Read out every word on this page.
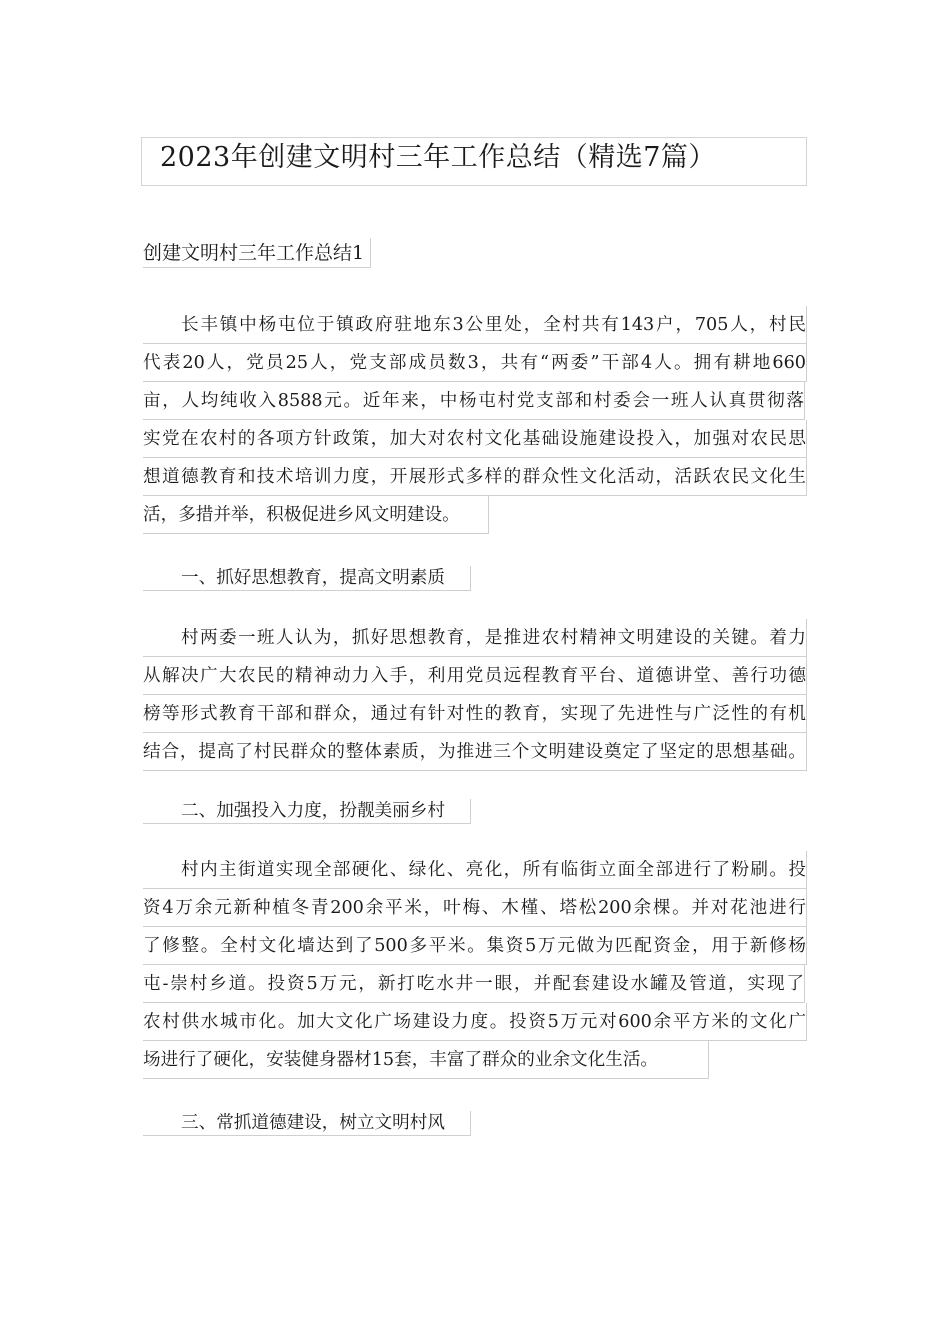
2023年创建文明村三年工作总结（精选7篇）
创建文明村三年工作总结1
长丰镇中杨屯位于镇政府驻地东3公里处，全村共有143户，705人，村民
代表20人，党员25人，党支部成员数3，共有“两委”干部4人。拥有耕地660
亩，人均纯收入8588元。近年来，中杨屯村党支部和村委会一班人认真贯彻落
实党在农村的各项方针政策，加大对农村文化基础设施建设投入，加强对农民思
想道德教育和技术培训力度，开展形式多样的群众性文化活动，活跃农民文化生
活，多措并举，积极促进乡风文明建设。
一、抓好思想教育，提高文明素质
村两委一班人认为，抓好思想教育，是推进农村精神文明建设的关键。着力
从解决广大农民的精神动力入手，利用党员远程教育平台、道德讲堂、善行功德
榜等形式教育干部和群众，通过有针对性的教育，实现了先进性与广泛性的有机
结合，提高了村民群众的整体素质，为推进三个文明建设奠定了坚定的思想基础。
二、加强投入力度，扮靓美丽乡村
村内主街道实现全部硬化、绿化、亮化，所有临街立面全部进行了粉刷。投
资4万余元新种植冬青200余平米，叶梅、木槿、塔松200余棵。并对花池进行
了修整。全村文化墙达到了500多平米。集资5万元做为匹配资金，用于新修杨
屯-崇村乡道。投资5万元，新打吃水井一眼，并配套建设水罐及管道，实现了
农村供水城市化。加大文化广场建设力度。投资5万元对600余平方米的文化广
场进行了硬化，安装健身器材15套，丰富了群众的业余文化生活。
三、常抓道德建设，树立文明村风
